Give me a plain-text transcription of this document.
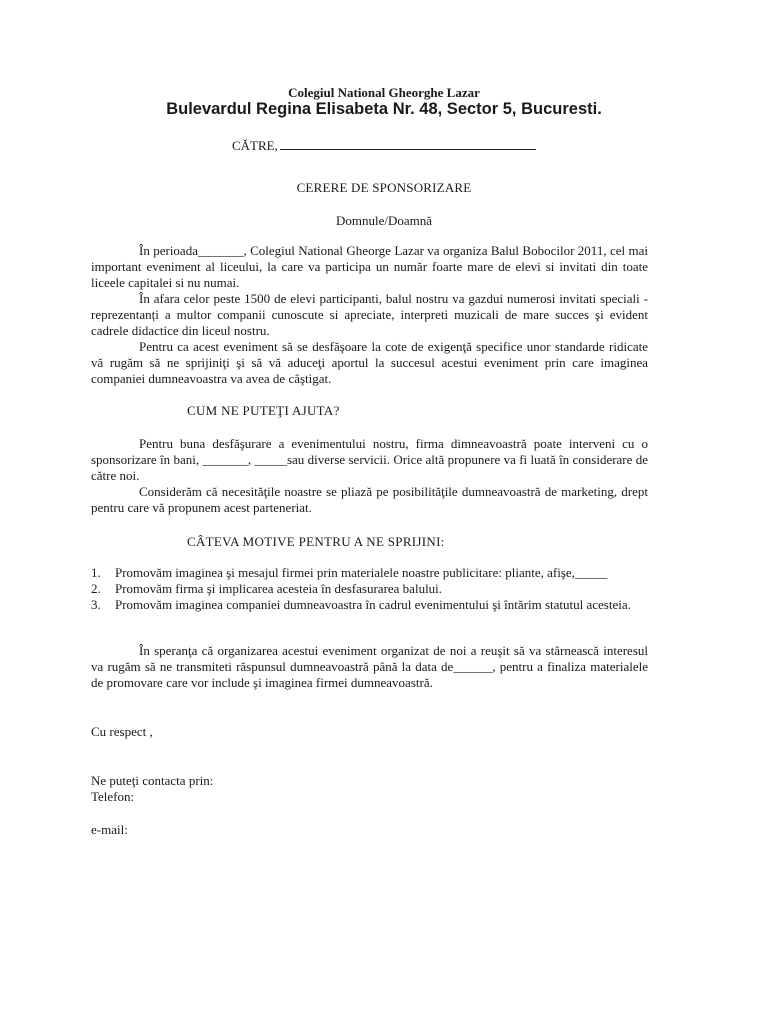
Colegiul National Gheorghe Lazar
Bulevardul Regina Elisabeta Nr. 48, Sector 5, Bucuresti.
CĂTRE,
CERERE DE SPONSORIZARE
Domnule/Doamnă

În perioada_______, Colegiul National Gheorge Lazar va organiza Balul Bobocilor 2011, cel mai important eveniment al liceului, la care va participa un număr foarte mare de elevi si invitati din toate liceele capitalei si nu numai.

În afara celor peste 1500 de elevi participanti, balul nostru va gazdui numerosi invitati speciali - reprezentanți a multor companii cunoscute si apreciate, interpreti muzicali de mare succes şi evident cadrele didactice din liceul nostru.

Pentru ca acest eveniment să se desfăşoare la cote de exigenţă specifice unor standarde ridicate vă rugăm să ne sprijiniţi şi să vă aduceţi aportul la succesul acestui eveniment prin care imaginea companiei dumneavoastra va avea de câştigat.

CUM NE PUTEŢI AJUTA?

Pentru buna desfăşurare a evenimentului nostru, firma dimneavoastră poate interveni cu o sponsorizare în bani, _______, _____sau diverse servicii. Orice altă propunere va fi luată în considerare de către noi.

Considerăm că necesităţile noastre se pliază pe posibilităţile dumneavoastră de marketing, drept pentru care vă propunem acest parteneriat.

CÂTEVA MOTIVE PENTRU A NE SPRIJINI:
1. Promovăm imaginea şi mesajul firmei prin materialele noastre publicitare: pliante, afişe,_____
2. Promovăm firma şi implicarea acesteia în desfasurarea balului.
3. Promovăm imaginea companiei dumneavoastra în cadrul evenimentului şi întărim statutul acesteia.

În speranţa că organizarea acestui eveniment organizat de noi a reuşit să va stârnească interesul va rugăm să ne transmiteti răspunsul dumneavoastră până la data de______, pentru a finaliza materialele de promovare care vor include şi imaginea firmei dumneavoastră.

Cu respect ,
Ne puteţi contacta prin:
Telefon:
e-mail:
